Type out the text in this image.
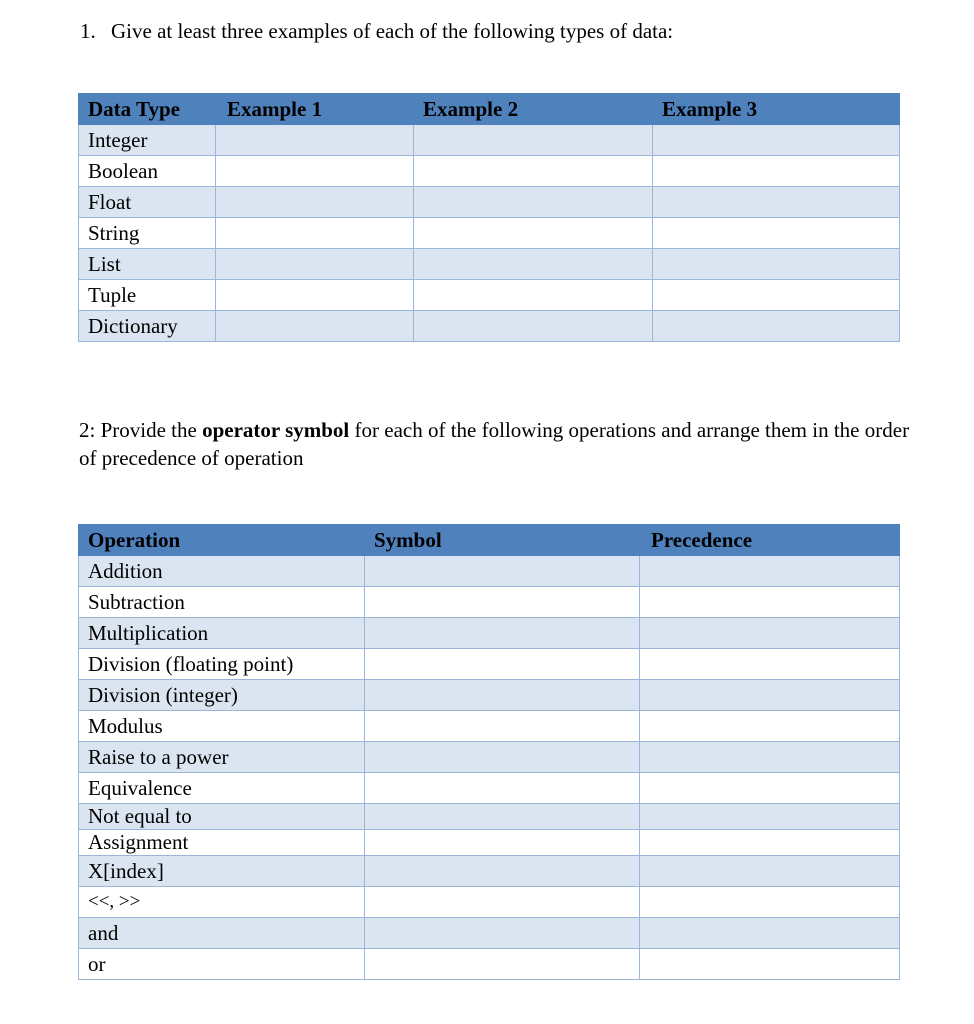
1. Give at least three examples of each of the following types of data:

Data Type	Example 1	Example 2	Example 3
Integer			
Boolean			
Float			
String			
List			
Tuple			
Dictionary			

2: Provide the operator symbol for each of the following operations and arrange them in the order of precedence of operation

Operation	Symbol	Precedence
Addition		
Subtraction		
Multiplication		
Division (floating point)		
Division (integer)		
Modulus		
Raise to a power		
Equivalence		
Not equal to		
Assignment		
X[index]		
<<, >>		
and		
or		
